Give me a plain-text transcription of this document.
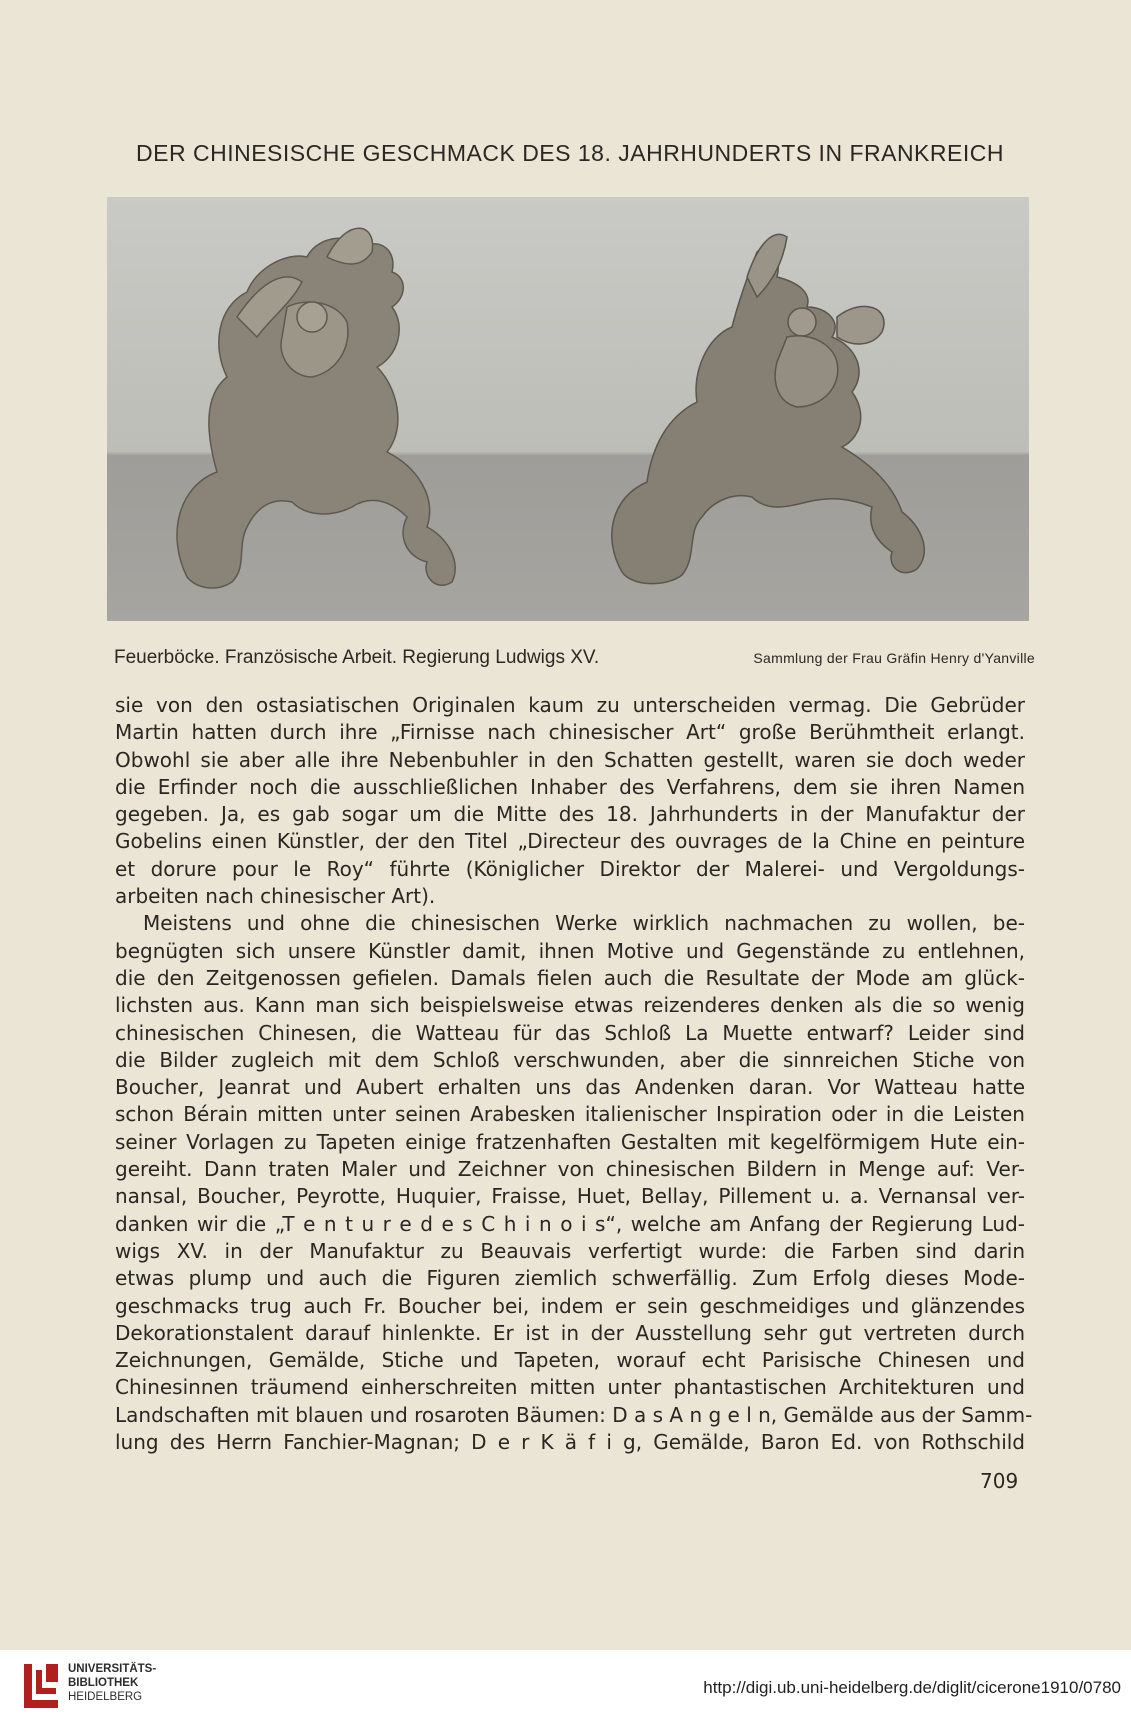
DER CHINESISCHE GESCHMACK DES 18. JAHRHUNDERTS IN FRANKREICH
Feuerböcke. Französische Arbeit. Regierung Ludwigs XV.	Sammlung der Frau Gräfin Henry d'Yanville
sie von den ostasiatischen Originalen kaum zu unterscheiden vermag. Die Gebrüder
Martin hatten durch ihre „Firnisse nach chinesischer Art“ große Berühmtheit erlangt.
Obwohl sie aber alle ihre Nebenbuhler in den Schatten gestellt, waren sie doch weder
die Erfinder noch die ausschließlichen Inhaber des Verfahrens, dem sie ihren Namen
gegeben. Ja, es gab sogar um die Mitte des 18. Jahrhunderts in der Manufaktur der
Gobelins einen Künstler, der den Titel „Directeur des ouvrages de la Chine en peinture
et dorure pour le Roy“ führte (Königlicher Direktor der Malerei- und Vergoldungs-
arbeiten nach chinesischer Art).
Meistens und ohne die chinesischen Werke wirklich nachmachen zu wollen, be-
begnügten sich unsere Künstler damit, ihnen Motive und Gegenstände zu entlehnen,
die den Zeitgenossen gefielen. Damals fielen auch die Resultate der Mode am glück-
lichsten aus. Kann man sich beispielsweise etwas reizenderes denken als die so wenig
chinesischen Chinesen, die Watteau für das Schloß La Muette entwarf? Leider sind
die Bilder zugleich mit dem Schloß verschwunden, aber die sinnreichen Stiche von
Boucher, Jeanrat und Aubert erhalten uns das Andenken daran. Vor Watteau hatte
schon Bérain mitten unter seinen Arabesken italienischer Inspiration oder in die Leisten
seiner Vorlagen zu Tapeten einige fratzenhaften Gestalten mit kegelförmigem Hute ein-
gereiht. Dann traten Maler und Zeichner von chinesischen Bildern in Menge auf: Ver-
nansal, Boucher, Peyrotte, Huquier, Fraisse, Huet, Bellay, Pillement u. a. Vernansal ver-
danken wir die „T e n t u r e d e s C h i n o i s“, welche am Anfang der Regierung Lud-
wigs XV. in der Manufaktur zu Beauvais verfertigt wurde: die Farben sind darin
etwas plump und auch die Figuren ziemlich schwerfällig. Zum Erfolg dieses Mode-
geschmacks trug auch Fr. Boucher bei, indem er sein geschmeidiges und glänzendes
Dekorationstalent darauf hinlenkte. Er ist in der Ausstellung sehr gut vertreten durch
Zeichnungen, Gemälde, Stiche und Tapeten, worauf echt Parisische Chinesen und
Chinesinnen träumend einherschreiten mitten unter phantastischen Architekturen und
Landschaften mit blauen und rosaroten Bäumen: D a s A n g e l n, Gemälde aus der Samm-
lung des Herrn Fanchier-Magnan; D e r K ä f i g, Gemälde, Baron Ed. von Rothschild
709
UNIVERSITÄTS-
BIBLIOTHEK
HEIDELBERG	http://digi.ub.uni-heidelberg.de/diglit/cicerone1910/0780
